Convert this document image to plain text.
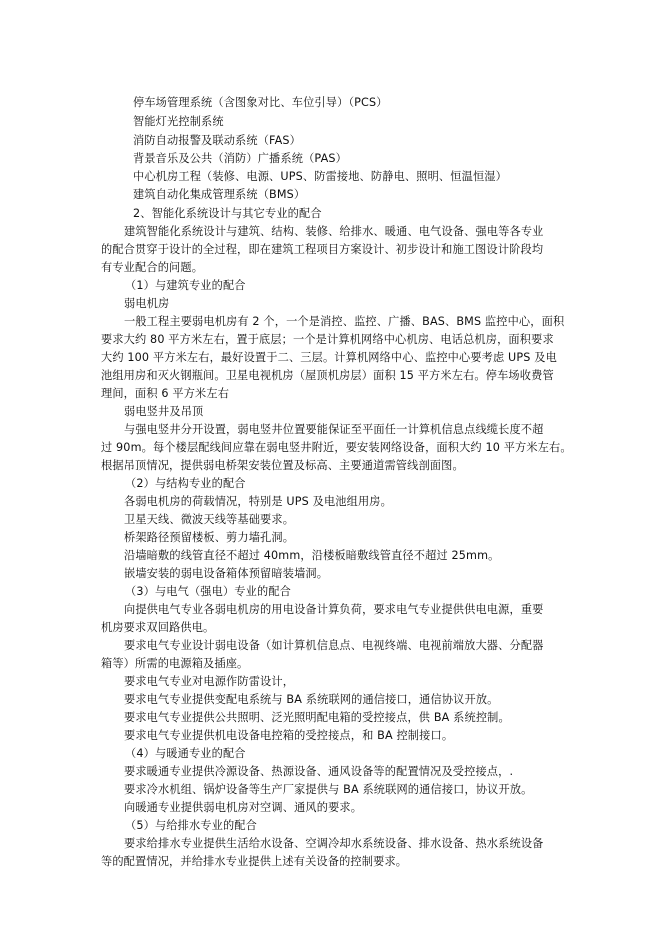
停车场管理系统（含图象对比、车位引导）（PCS）
智能灯光控制系统
消防自动报警及联动系统（FAS）
背景音乐及公共（消防）广播系统（PAS）
中心机房工程（装修、电源、UPS、防雷接地、防静电、照明、恒温恒湿）
建筑自动化集成管理系统（BMS）
2、智能化系统设计与其它专业的配合
建筑智能化系统设计与建筑、结构、装修、给排水、暖通、电气设备、强电等各专业
的配合贯穿于设计的全过程，即在建筑工程项目方案设计、初步设计和施工图设计阶段均
有专业配合的问题。
（1）与建筑专业的配合
弱电机房
一般工程主要弱电机房有 2 个，一个是消控、监控、广播、BAS、BMS 监控中心，面积
要求大约 80 平方米左右，置于底层；一个是计算机网络中心机房、电话总机房，面积要求
大约 100 平方米左右，最好设置于二、三层。计算机网络中心、监控中心要考虑 UPS 及电
池组用房和灭火钢瓶间。卫星电视机房（屋顶机房层）面积 15 平方米左右。停车场收费管
理间，面积 6 平方米左右
弱电竖井及吊顶
与强电竖井分开设置，弱电竖井位置要能保证至平面任一计算机信息点线缆长度不超
过 90m。每个楼层配线间应靠在弱电竖井附近，要安装网络设备，面积大约 10 平方米左右。
根据吊顶情况，提供弱电桥架安装位置及标高、主要通道需管线剖面图。
（2）与结构专业的配合
各弱电机房的荷载情况，特别是 UPS 及电池组用房。
卫星天线、微波天线等基础要求。
桥架路径预留楼板、剪力墙孔洞。
沿墙暗敷的线管直径不超过 40mm，沿楼板暗敷线管直径不超过 25mm。
嵌墙安装的弱电设备箱体预留暗装墙洞。
（3）与电气（强电）专业的配合
向提供电气专业各弱电机房的用电设备计算负荷，要求电气专业提供供电电源，重要
机房要求双回路供电。
要求电气专业设计弱电设备（如计算机信息点、电视终端、电视前端放大器、分配器
箱等）所需的电源箱及插座。
要求电气专业对电源作防雷设计，
要求电气专业提供变配电系统与 BA 系统联网的通信接口，通信协议开放。
要求电气专业提供公共照明、泛光照明配电箱的受控接点，供 BA 系统控制。
要求电气专业提供机电设备电控箱的受控接点，和 BA 控制接口。
（4）与暖通专业的配合
要求暖通专业提供冷源设备、热源设备、通风设备等的配置情况及受控接点，.
要求冷水机组、锅炉设备等生产厂家提供与 BA 系统联网的通信接口，协议开放。
向暖通专业提供弱电机房对空调、通风的要求。
（5）与给排水专业的配合
要求给排水专业提供生活给水设备、空调冷却水系统设备、排水设备、热水系统设备
等的配置情况，并给排水专业提供上述有关设备的控制要求。
